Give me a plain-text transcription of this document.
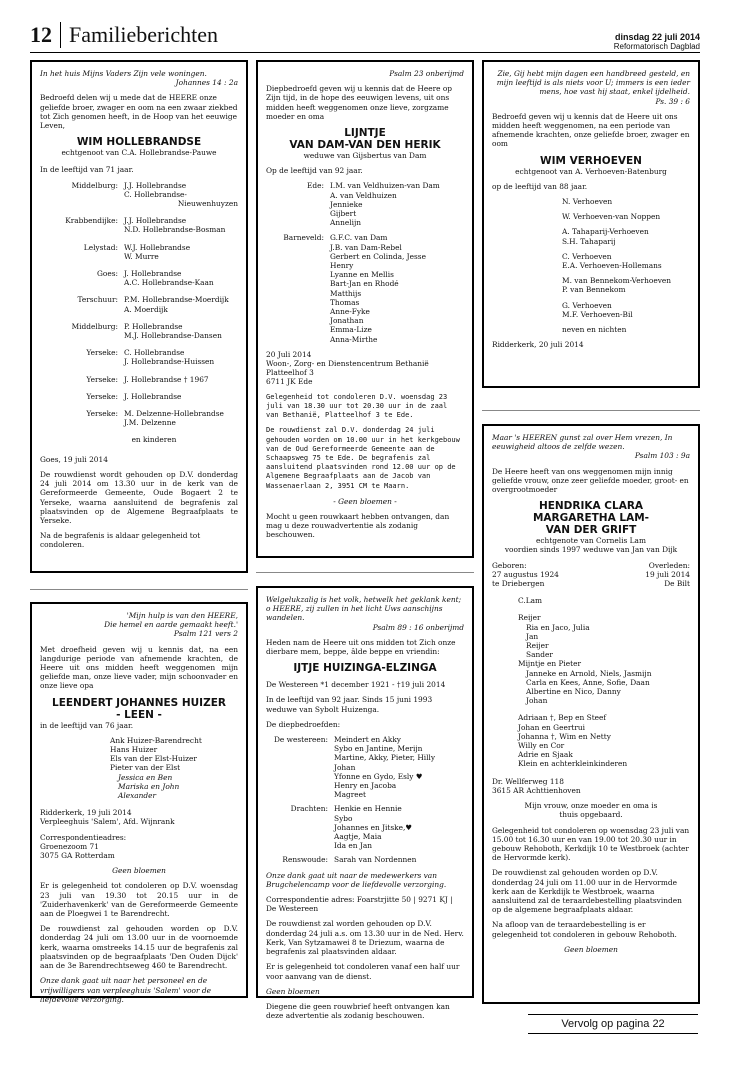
12 Familieberichten	dinsdag 22 juli 2014
Reformatorisch Dagblad

In het huis Mijns Vaders Zijn vele woningen.

Johannes 14 : 2a

Bedroefd delen wij u mede dat de HEERE onze geliefde broer, zwager en oom na een zwaar ziekbed tot Zich genomen heeft, in de Hoop van het eeuwige Leven,

WIM HOLLEBRANDSE

echtgenoot van C.A. Hollebrandse-Pauwe

In de leeftijd van 71 jaar.

Middelburg: J.J. Hollebrandse
C. Hollebrandse-
Nieuwenhuyzen
Krabbendijke: J.J. Hollebrandse
N.D. Hollebrandse-Bosman
Lelystad: W.J. Hollebrandse
W. Murre
Goes: J. Hollebrandse
A.C. Hollebrandse-Kaan
Terschuur: P.M. Hollebrandse-Moerdijk
A. Moerdijk
Middelburg: P. Hollebrandse
M.J. Hollebrandse-Dansen
Yerseke: C. Hollebrandse
J. Hollebrandse-Huissen
Yerseke: J. Hollebrandse † 1967
Yerseke: J. Hollebrandse
Yerseke: M. Delzenne-Hollebrandse
J.M. Delzenne

en kinderen

Goes, 19 juli 2014

De rouwdienst wordt gehouden op D.V. donderdag 24 juli 2014 om 13.30 uur in de kerk van de Gereformeerde Gemeente, Oude Bogaert 2 te Yerseke, waarna aansluitend de begrafenis zal plaatsvinden op de Algemene Begraafplaats te Yerseke.

Na de begrafenis is aldaar gelegenheid tot condoleren.

Psalm 23 onberijmd

Diepbedroefd geven wij u kennis dat de Heere op Zijn tijd, in de hope des eeuwigen levens, uit ons midden heeft weggenomen onze lieve, zorgzame moeder en oma

LIJNTJE
VAN DAM-VAN DEN HERIK

weduwe van Gijsbertus van Dam

Op de leeftijd van 92 jaar.

Ede: I.M. van Veldhuizen-van Dam
A. van Veldhuizen
Jennieke
Gijbert
Annelijn
Barneveld: G.F.C. van Dam
J.B. van Dam-Rebel
Gerbert en Colinda, Jesse
Henry
Lyanne en Mellis
Bart-Jan en Rhodé
Matthijs
Thomas
Anne-Fyke
Jonathan
Emma-Lize
Anna-Mirthe

20 Juli 2014

Woon-, Zorg- en Dienstencentrum Bethanië
Platteelhof 3
6711 JK Ede

Gelegenheid tot condoleren D.V. woensdag 23 juli van 18.30 uur tot 20.30 uur in de zaal van Bethanië, Platteelhof 3 te Ede.

De rouwdienst zal D.V. donderdag 24 juli gehouden worden om 10.00 uur in het kerkgebouw van de Oud Gereformeerde Gemeente aan de Schaapsweg 75 te Ede. De begrafenis zal aansluitend plaatsvinden rond 12.00 uur op de Algemene Begraafplaats aan de Jacob van Wassenaerlaan 2, 3951 CM te Maarn.

- Geen bloemen -

Mocht u geen rouwkaart hebben ontvangen, dan mag u deze rouwadvertentie als zodanig beschouwen.

Zie, Gij hebt mijn dagen een handbreed gesteld, en mijn leeftijd is als niets voor U; immers is een ieder mens, hoe vast hij staat, enkel ijdelheid.

Ps. 39 : 6

Bedroefd geven wij u kennis dat de Heere uit ons midden heeft weggenomen, na een periode van afnemende krachten, onze geliefde broer, zwager en oom

WIM VERHOEVEN

echtgenoot van A. Verhoeven-Batenburg

op de leeftijd van 88 jaar.

N. Verhoeven
W. Verhoeven-van Noppen
A. Tahaparij-Verhoeven
S.H. Tahaparij
C. Verhoeven
E.A. Verhoeven-Hollemans
M. van Bennekom-Verhoeven
P. van Bennekom
G. Verhoeven
M.F. Verhoeven-Bil
neven en nichten

Ridderkerk, 20 juli 2014

'Mijn hulp is van den HEERE,

Die hemel en aarde gemaakt heeft.'

Psalm 121 vers 2

Met droefheid geven wij u kennis dat, na een langdurige periode van afnemende krachten, de Heere uit ons midden heeft weggenomen mijn geliefde man, onze lieve vader, mijn schoonvader en onze lieve opa

LEENDERT JOHANNES HUIZER
- LEEN -

in de leeftijd van 76 jaar.

Ank Huizer-Barendrecht
Hans Huizer
Els van der Elst-Huizer
Pieter van der Elst
Jessica en Ben
Mariska en John
Alexander

Ridderkerk, 19 juli 2014

Verpleeghuis 'Salem', Afd. Wijnrank

Correspondentieadres:

Groenezoom 71

3075 GA Rotterdam

Geen bloemen

Er is gelegenheid tot condoleren op D.V. woensdag 23 juli van 19.30 tot 20.15 uur in de 'Zuiderhavenkerk' van de Gereformeerde Gemeente aan de Ploegwei 1 te Barendrecht.

De rouwdienst zal gehouden worden op D.V. donderdag 24 juli om 13.00 uur in de voornoemde kerk, waarna omstreeks 14.15 uur de begrafenis zal plaatsvinden op de begraafplaats 'Den Ouden Dijck' aan de 3e Barendrechtseweg 460 te Barendrecht.

Onze dank gaat uit naar het personeel en de vrijwilligers van verpleeghuis 'Salem' voor de liefdevolle verzorging.

Welgelukzalig is het volk, hetwelk het geklank kent; o HEERE, zij zullen in het licht Uws aanschijns wandelen.

Psalm 89 : 16 onberijmd

Heden nam de Heere uit ons midden tot Zich onze dierbare mem, beppe, âlde beppe en vriendin:

IJTJE HUIZINGA-ELZINGA

De Westereen *1 december 1921 - †19 juli 2014

In de leeftijd van 92 jaar. Sinds 15 juni 1993 weduwe van Sybolt Huizenga.

De diepbedroefden:

De westereen: Meindert en Akky
Sybo en Jantine, Merijn
Martine, Akky, Pieter, Hilly
Johan
Yfonne en Gydo, Esly ♥
Henry en Jacoba
Magreet
Drachten: Henkie en Hennie
Sybo
Johannes en Jitske,♥
Aagtje, Maia
Ida en Jan
Renswoude: Sarah van Nordennen

Onze dank gaat uit naar de medewerkers van Brugchelencamp voor de liefdevolle verzorging.

Correspondentie adres: Foarstrjitte 50 | 9271 KJ | De Westereen

De rouwdienst zal worden gehouden op D.V. donderdag 24 juli a.s. om 13.30 uur in de Ned. Herv. Kerk, Van Sytzamawei 8 te Driezum, waarna de begrafenis zal plaatsvinden aldaar.

Er is gelegenheid tot condoleren vanaf een half uur voor aanvang van de dienst.

Geen bloemen

Diegene die geen rouwbrief heeft ontvangen kan deze advertentie als zodanig beschouwen.

Maar 's HEEREN gunst zal over Hem vrezen, In eeuwigheid altoos de zelfde wezen.

Psalm 103 : 9a

De Heere heeft van ons weggenomen mijn innig geliefde vrouw, onze zeer geliefde moeder, groot- en overgrootmoeder

HENDRIKA CLARA
MARGARETHA LAM-
VAN DER GRIFT

echtgenote van Cornelis Lam

voordien sinds 1997 weduwe van Jan van Dijk

Geboren:
27 augustus 1924
te Driebergen
Overleden:
19 juli 2014
De Bilt

C.Lam

Reijer
Ria en Jaco, Julia
Jan
Reijer
Sander
Mijntje en Pieter
Janneke en Arnold, Niels, Jasmijn
Carla en Kees, Anne, Sofie, Daan
Albertine en Nico, Danny
Johan
Adriaan †, Bep en Steef
Johan en Geertrui
Johanna †, Wim en Netty
Willy en Cor
Adrie en Sjaak
Klein en achterkleinkinderen

Dr. Wellferweg 118

3615 AR Achttienhoven

Mijn vrouw, onze moeder en oma is

thuis opgebaard.

Gelegenheid tot condoleren op woensdag 23 juli van 15.00 tot 16.30 uur en van 19.00 tot 20.30 uur in gebouw Rehoboth, Kerkdijk 10 te Westbroek (achter de Hervormde kerk).

De rouwdienst zal gehouden worden op D.V. donderdag 24 juli om 11.00 uur in de Hervormde kerk aan de Kerkdijk te Westbroek, waarna aansluitend zal de teraardebestelling plaatsvinden op de algemene begraafplaats aldaar.

Na afloop van de teraardebestelling is er gelegenheid tot condoleren in gebouw Rehoboth.

Geen bloemen

Vervolg op pagina 22
